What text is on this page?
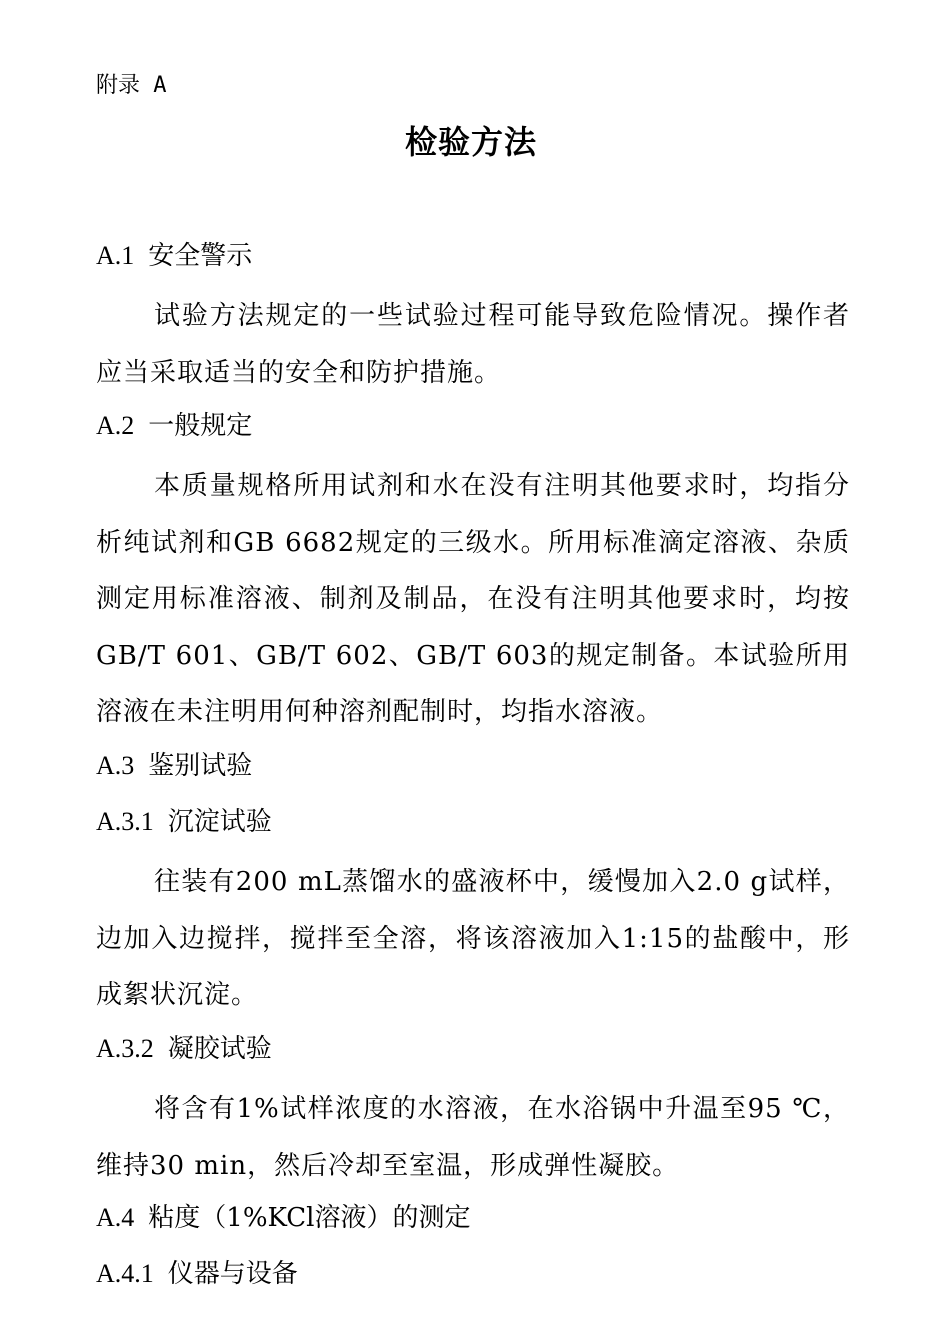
附录 A
检验方法
A.1 安全警示

试验方法规定的一些试验过程可能导致危险情况。操作者应当采取适当的安全和防护措施。

A.2 一般规定

本质量规格所用试剂和水在没有注明其他要求时，均指分析纯试剂和GB 6682规定的三级水。所用标准滴定溶液、杂质测定用标准溶液、制剂及制品，在没有注明其他要求时，均按GB/T 601、GB/T 602、GB/T 603的规定制备。本试验所用溶液在未注明用何种溶剂配制时，均指水溶液。

A.3 鉴别试验
A.3.1 沉淀试验

往装有200 mL蒸馏水的盛液杯中，缓慢加入2.0 g试样，边加入边搅拌，搅拌至全溶，将该溶液加入1:15的盐酸中，形成絮状沉淀。

A.3.2 凝胶试验

将含有1%试样浓度的水溶液，在水浴锅中升温至95 ℃，维持30 min，然后冷却至室温，形成弹性凝胶。

A.4 粘度（1%KCl溶液）的测定
A.4.1 仪器与设备
